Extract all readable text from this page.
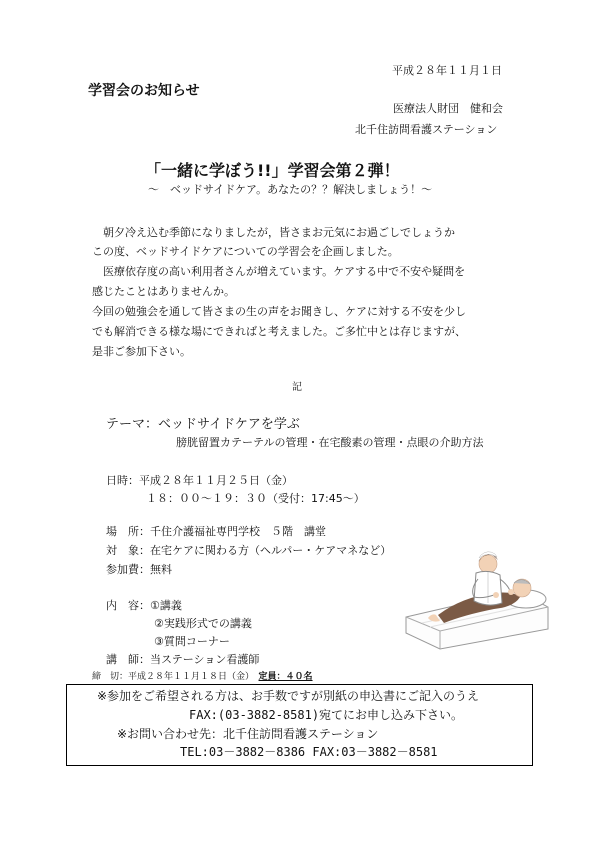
平成２８年１１月１日
学習会のお知らせ
医療法人財団　健和会
北千住訪問看護ステーション
「一緒に学ぼう!!」学習会第２弾！
～　ベッドサイドケア。あなたの？？解決しましょう！～
　朝夕冷え込む季節になりましたが，皆さまお元気にお過ごしでしょうか
この度、ベッドサイドケアについての学習会を企画しました。
　医療依存度の高い利用者さんが増えています。ケアする中で不安や疑問を
感じたことはありませんか。
今回の勉強会を通して皆さまの生の声をお聞きし、ケアに対する不安を少し
でも解消できる様な場にできればと考えました。ご多忙中とは存じますが、
是非ご参加下さい。
記
テーマ：ベッドサイドケアを学ぶ
膀胱留置カテーテルの管理・在宅酸素の管理・点眼の介助方法
日時：平成２８年１１月２５日（金）
１８：００～１９：３０（受付：17:45～）
場　所：千住介護福祉専門学校　５階　講堂
対　象：在宅ケアに関わる方（ヘルパー・ケアマネなど）
参加費：無料
内　容：①講義
②実践形式での講義
③質問コーナー
講　師：当ステーション看護師
締　切：平成２８年１１月１８日（金）　 定員：４０名
※参加をご希望される方は、お手数ですが別紙の申込書にご記入のうえ
FAX:(03-3882-8581)宛てにお申し込み下さい。
※お問い合わせ先：北千住訪問看護ステーション
TEL:03－3882－8386 FAX:03－3882－8581
